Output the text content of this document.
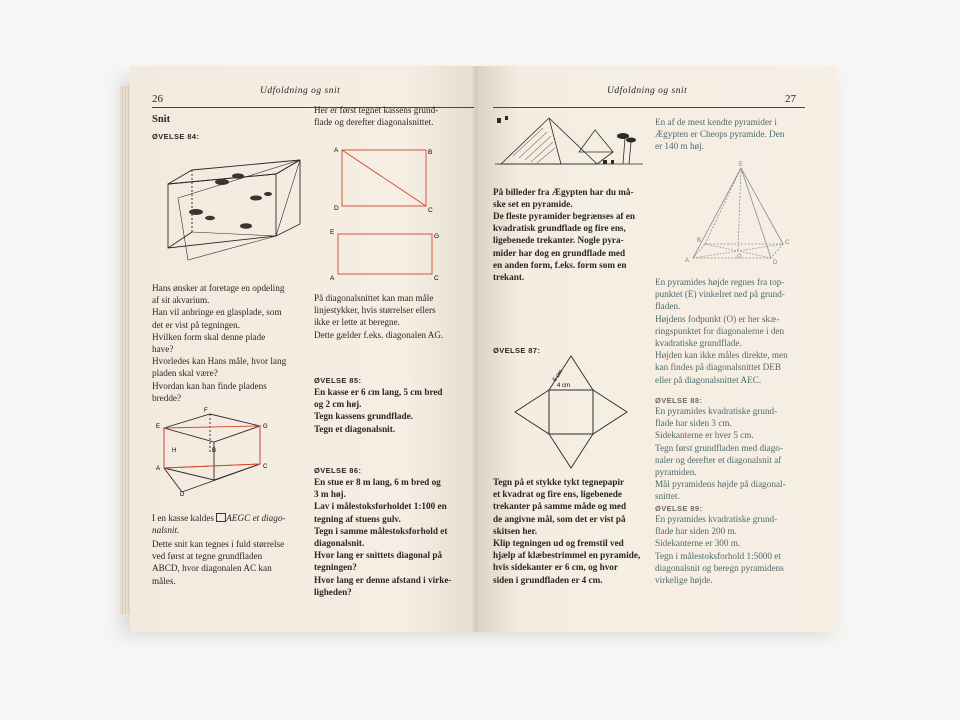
26
Udfoldning og snit
Snit
ØVELSE 84:
Hans ønsker at foretage en opdeling
af sit akvarium.
Han vil anbringe en glasplade, som
det er vist på tegningen.
Hvilken form skal denne plade
have?
Hvorledes kan Hans måle, hvor lang
pladen skal være?
Hvordan kan han finde pladens
bredde?
F
E	G
H	B
A	C
D
I en kasse kaldes AEGC et diago-
nalsnit.
Dette snit kan tegnes i fuld størrelse
ved først at tegne grundfladen
ABCD, hvor diagonalen AC kan
måles.
Her er først tegnet kassens grund-
flade og derefter diagonalsnittet.
A	B
D	C
E
G
A	C
På diagonalsnittet kan man måle
linjestykker, hvis størrelser ellers
ikke er lette at beregne.
Dette gælder f.eks. diagonalen AG.
ØVELSE 85:
En kasse er 6 cm lang, 5 cm bred
og 2 cm høj.
Tegn kassens grundflade.
Tegn et diagonalsnit.
ØVELSE 86:
En stue er 8 m lang, 6 m bred og
3 m høj.
Lav i målestoksforholdet 1:100 en
tegning af stuens gulv.
Tegn i samme målestoksforhold et
diagonalsnit.
Hvor lang er snittets diagonal på
tegningen?
Hvor lang er denne afstand i virke-
ligheden?
Udfoldning og snit
27
På billeder fra Ægypten har du må-
ske set en pyramide.
De fleste pyramider begrænses af en
kvadratisk grundflade og fire ens,
ligebenede trekanter. Nogle pyra-
mider har dog en grundflade med
en anden form, f.eks. form som en
trekant.
ØVELSE 87:
6 cm
4 cm
Tegn på et stykke tykt tegnepapir
et kvadrat og fire ens, ligebenede
trekanter på samme måde og med
de angivne mål, som det er vist på
skitsen her.
Klip tegningen ud og fremstil ved
hjælp af klæbestrimmel en pyramide,
hvis sidekanter er 6 cm, og hvor
siden i grundfladen er 4 cm.
En af de mest kendte pyramider i
Ægypten er Cheops pyramide. Den
er 140 m høj.
E
A
B
O
C
D
En pyramides højde regnes fra top-
punktet (E) vinkelret ned på grund-
fladen.
Højdens fodpunkt (O) er her skæ-
ringspunktet for diagonalerne i den
kvadratiske grundflade.
Højden kan ikke måles direkte, men
kan findes på diagonalsnittet DEB
eller på diagonalsnittet AEC.
ØVELSE 88:
En pyramides kvadratiske grund-
flade har siden 3 cm.
Sidekanterne er hver 5 cm.
Tegn først grundfladen med diago-
naler og derefter et diagonalsnit af
pyramiden.
Mål pyramidens højde på diagonal-
snittet.
ØVELSE 89:
En pyramides kvadratiske grund-
flade har siden 200 m.
Sidekanterne er 300 m.
Tegn i målestoksforhold 1:5000 et
diagonalsnit og beregn pyramidens
virkelige højde.
